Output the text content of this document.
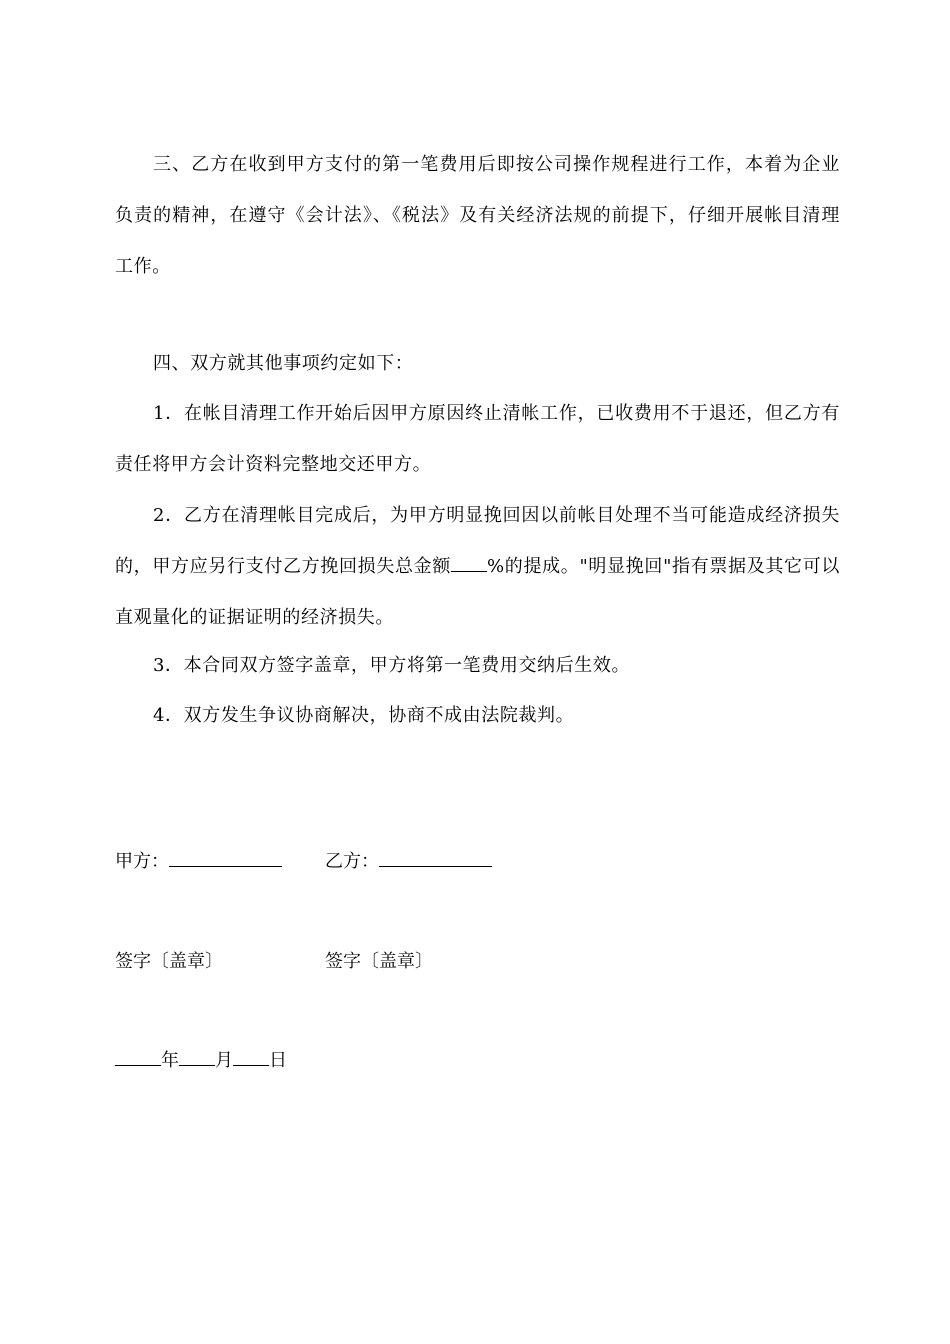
三、乙方在收到甲方支付的第一笔费用后即按公司操作规程进行工作，本着为企业负责的精神，在遵守《会计法》、《税法》及有关经济法规的前提下，仔细开展帐目清理工作。

四、双方就其他事项约定如下：

1．在帐目清理工作开始后因甲方原因终止清帐工作，已收费用不于退还，但乙方有责任将甲方会计资料完整地交还甲方。

2．乙方在清理帐目完成后，为甲方明显挽回因以前帐目处理不当可能造成经济损失的，甲方应另行支付乙方挽回损失总金额 %的提成。"明显挽回"指有票据及其它可以直观量化的证据证明的经济损失。

3．本合同双方签字盖章，甲方将第一笔费用交纳后生效。

4．双方发生争议协商解决，协商不成由法院裁判。

甲方：	乙方：
签字〔盖章〕	签字〔盖章〕
年 月 日
